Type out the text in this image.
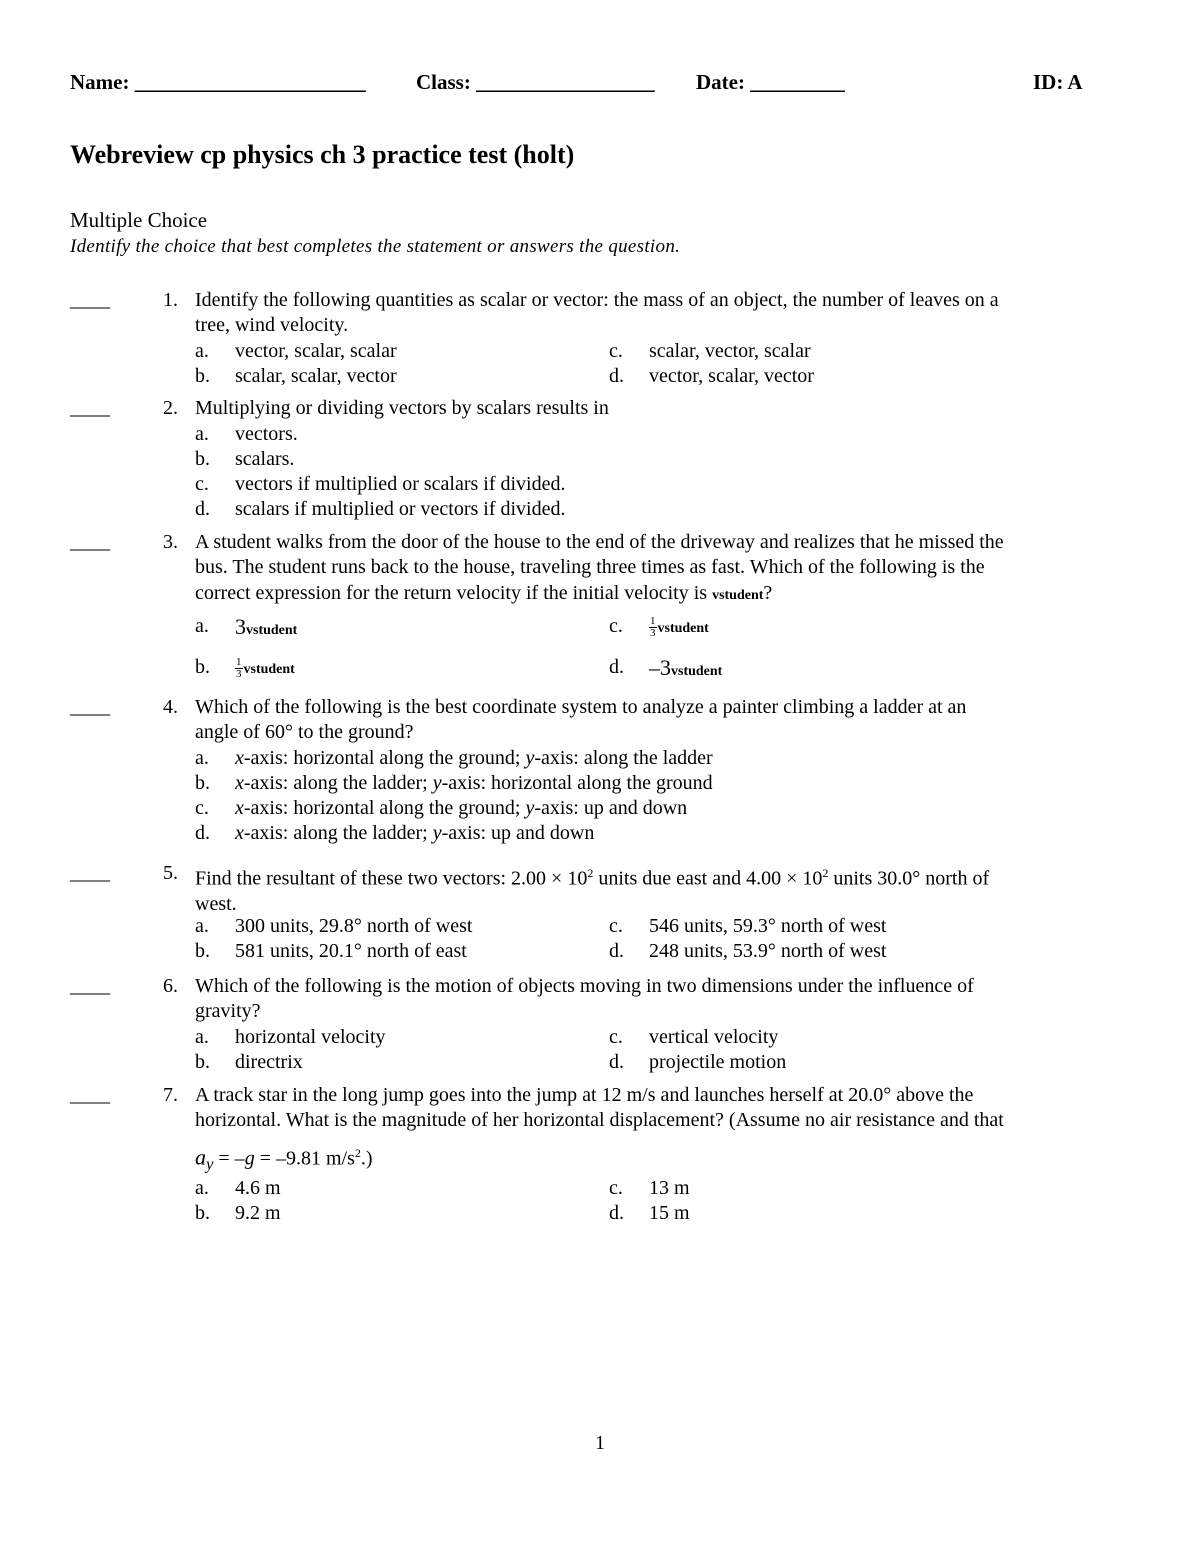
Name: ______________________ Class: _________________ Date: _________	ID: A
Webreview cp physics ch 3 practice test (holt)
Multiple Choice
Identify the choice that best completes the statement or answers the question.
____	1. Identify the following quantities as scalar or vector: the mass of an object, the number of leaves on a
tree, wind velocity.
a. vector, scalar, scalar
b. scalar, scalar, vector
c. scalar, vector, scalar
d. vector, scalar, vector
____	2. Multiplying or dividing vectors by scalars results in
a. vectors.
b. scalars.
c. vectors if multiplied or scalars if divided.
d. scalars if multiplied or vectors if divided.
____	3. A student walks from the door of the house to the end of the driveway and realizes that he missed the
bus. The student runs back to the house, traveling three times as fast. Which of the following is the
correct expression for the return velocity if the initial velocity is vstudent?
a. 3vstudent
b. $\frac{1}{3}$ vstudent
c. $\frac{1}{3}$ vstudent
d. –3vstudent
____	4. Which of the following is the best coordinate system to analyze a painter climbing a ladder at an
angle of 60° to the ground?
a. x-axis: horizontal along the ground; y-axis: along the ladder
b. x-axis: along the ladder; y-axis: horizontal along the ground
c. x-axis: horizontal along the ground; y-axis: up and down
d. x-axis: along the ladder; y-axis: up and down
____	5. Find the resultant of these two vectors: $2.00 \times 10^2$ units due east and $4.00 \times 10^2$ units 30.0° north of
west.
a. 300 units, 29.8° north of west
b. 581 units, 20.1° north of east
c. 546 units, 59.3° north of west
d. 248 units, 53.9° north of west
____	6. Which of the following is the motion of objects moving in two dimensions under the influence of
gravity?
a. horizontal velocity
b. directrix
c. vertical velocity
d. projectile motion
____	7. A track star in the long jump goes into the jump at 12 m/s and launches herself at 20.0° above the
horizontal. What is the magnitude of her horizontal displacement? (Assume no air resistance and that
$a_y = -g = -9.81$ $m/s^2$.)
a. 4.6 m
b. 9.2 m
c. 13 m
d. 15 m
1
